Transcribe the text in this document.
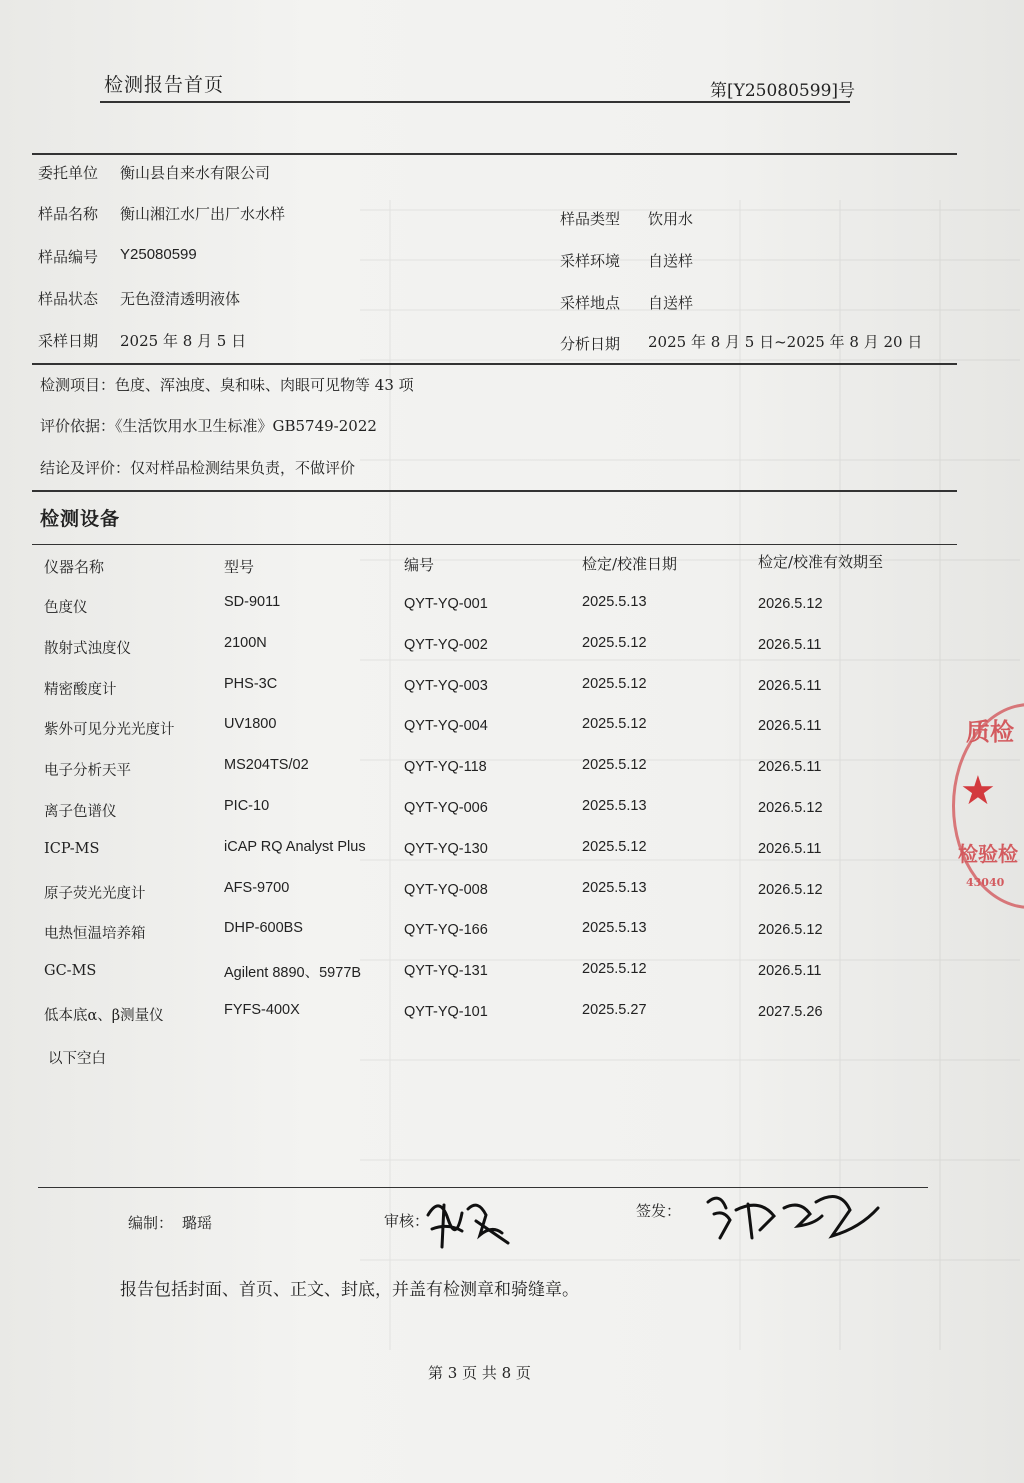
检测报告首页	第[Y25080599]号
委托单位 衡山县自来水有限公司
样品名称 衡山湘江水厂出厂水水样	样品类型 饮用水
样品编号 Y25080599	采样环境 自送样
样品状态 无色澄清透明液体	采样地点 自送样
采样日期 2025 年 8 月 5 日	分析日期 2025 年 8 月 5 日~2025 年 8 月 20 日
检测项目：色度、浑浊度、臭和味、肉眼可见物等 43 项
评价依据：《生活饮用水卫生标准》GB5749-2022
结论及评价：仅对样品检测结果负责，不做评价
检测设备
仪器名称	型号	编号	检定/校准日期	检定/校准有效期至
色度仪	SD-9011	QYT-YQ-001	2025.5.13	2026.5.12
散射式浊度仪	2100N	QYT-YQ-002	2025.5.12	2026.5.11
精密酸度计	PHS-3C	QYT-YQ-003	2025.5.12	2026.5.11
紫外可见分光光度计	UV1800	QYT-YQ-004	2025.5.12	2026.5.11
电子分析天平	MS204TS/02	QYT-YQ-118	2025.5.12	2026.5.11
离子色谱仪	PIC-10	QYT-YQ-006	2025.5.13	2026.5.12
ICP-MS	iCAP RQ Analyst Plus	QYT-YQ-130	2025.5.12	2026.5.11
原子荧光光度计	AFS-9700	QYT-YQ-008	2025.5.13	2026.5.12
电热恒温培养箱	DHP-600BS	QYT-YQ-166	2025.5.13	2026.5.12
GC-MS	Agilent 8890、5977B	QYT-YQ-131	2025.5.12	2026.5.11
低本底α、β测量仪	FYFS-400X	QYT-YQ-101	2025.5.27	2027.5.26
以下空白
质检
★
检验检
43040
编制： 璐瑶	审核：
签发：
报告包括封面、首页、正文、封底，并盖有检测章和骑缝章。
第 3 页 共 8 页
